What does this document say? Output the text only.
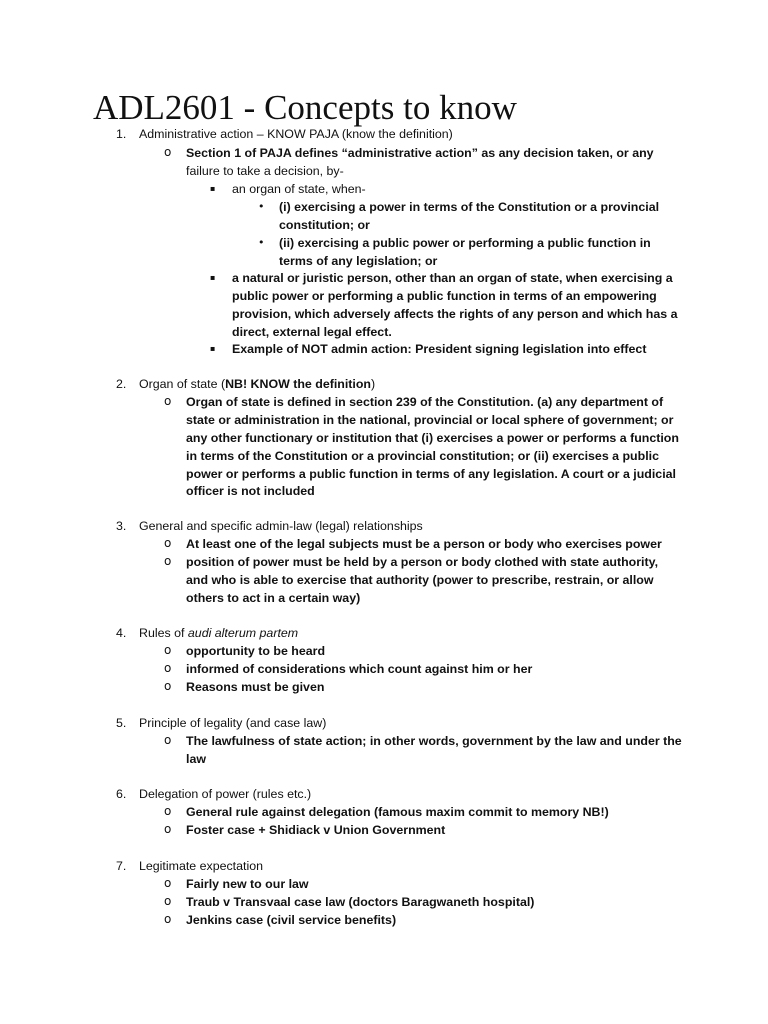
ADL2601 - Concepts to know
1.	Administrative action – KNOW PAJA (know the definition)
o Section 1 of PAJA defines “administrative action” as any decision taken, or any
failure to take a decision, by-
▪ an organ of state, when-
• (i) exercising a power in terms of the Constitution or a provincial
constitution; or
• (ii) exercising a public power or performing a public function in
terms of any legislation; or
▪ a natural or juristic person, other than an organ of state, when exercising a
public power or performing a public function in terms of an empowering
provision, which adversely affects the rights of any person and which has a
direct, external legal effect.
▪ Example of NOT admin action: President signing legislation into effect
2.	Organ of state (NB! KNOW the definition)
o Organ of state is defined in section 239 of the Constitution. (a) any department of
state or administration in the national, provincial or local sphere of government; or
any other functionary or institution that (i) exercises a power or performs a function
in terms of the Constitution or a provincial constitution; or (ii) exercises a public
power or performs a public function in terms of any legislation. A court or a judicial
officer is not included
3.	General and specific admin-law (legal) relationships
o At least one of the legal subjects must be a person or body who exercises power
o position of power must be held by a person or body clothed with state authority,
and who is able to exercise that authority (power to prescribe, restrain, or allow
others to act in a certain way)
4.	Rules of audi alterum partem
o opportunity to be heard
o informed of considerations which count against him or her
o Reasons must be given
5.	Principle of legality (and case law)
o The lawfulness of state action; in other words, government by the law and under the
law
6.	Delegation of power (rules etc.)
o General rule against delegation (famous maxim commit to memory NB!)
o Foster case + Shidiack v Union Government
7.	Legitimate expectation
o Fairly new to our law
o Traub v Transvaal case law (doctors Baragwaneth hospital)
o Jenkins case (civil service benefits)
